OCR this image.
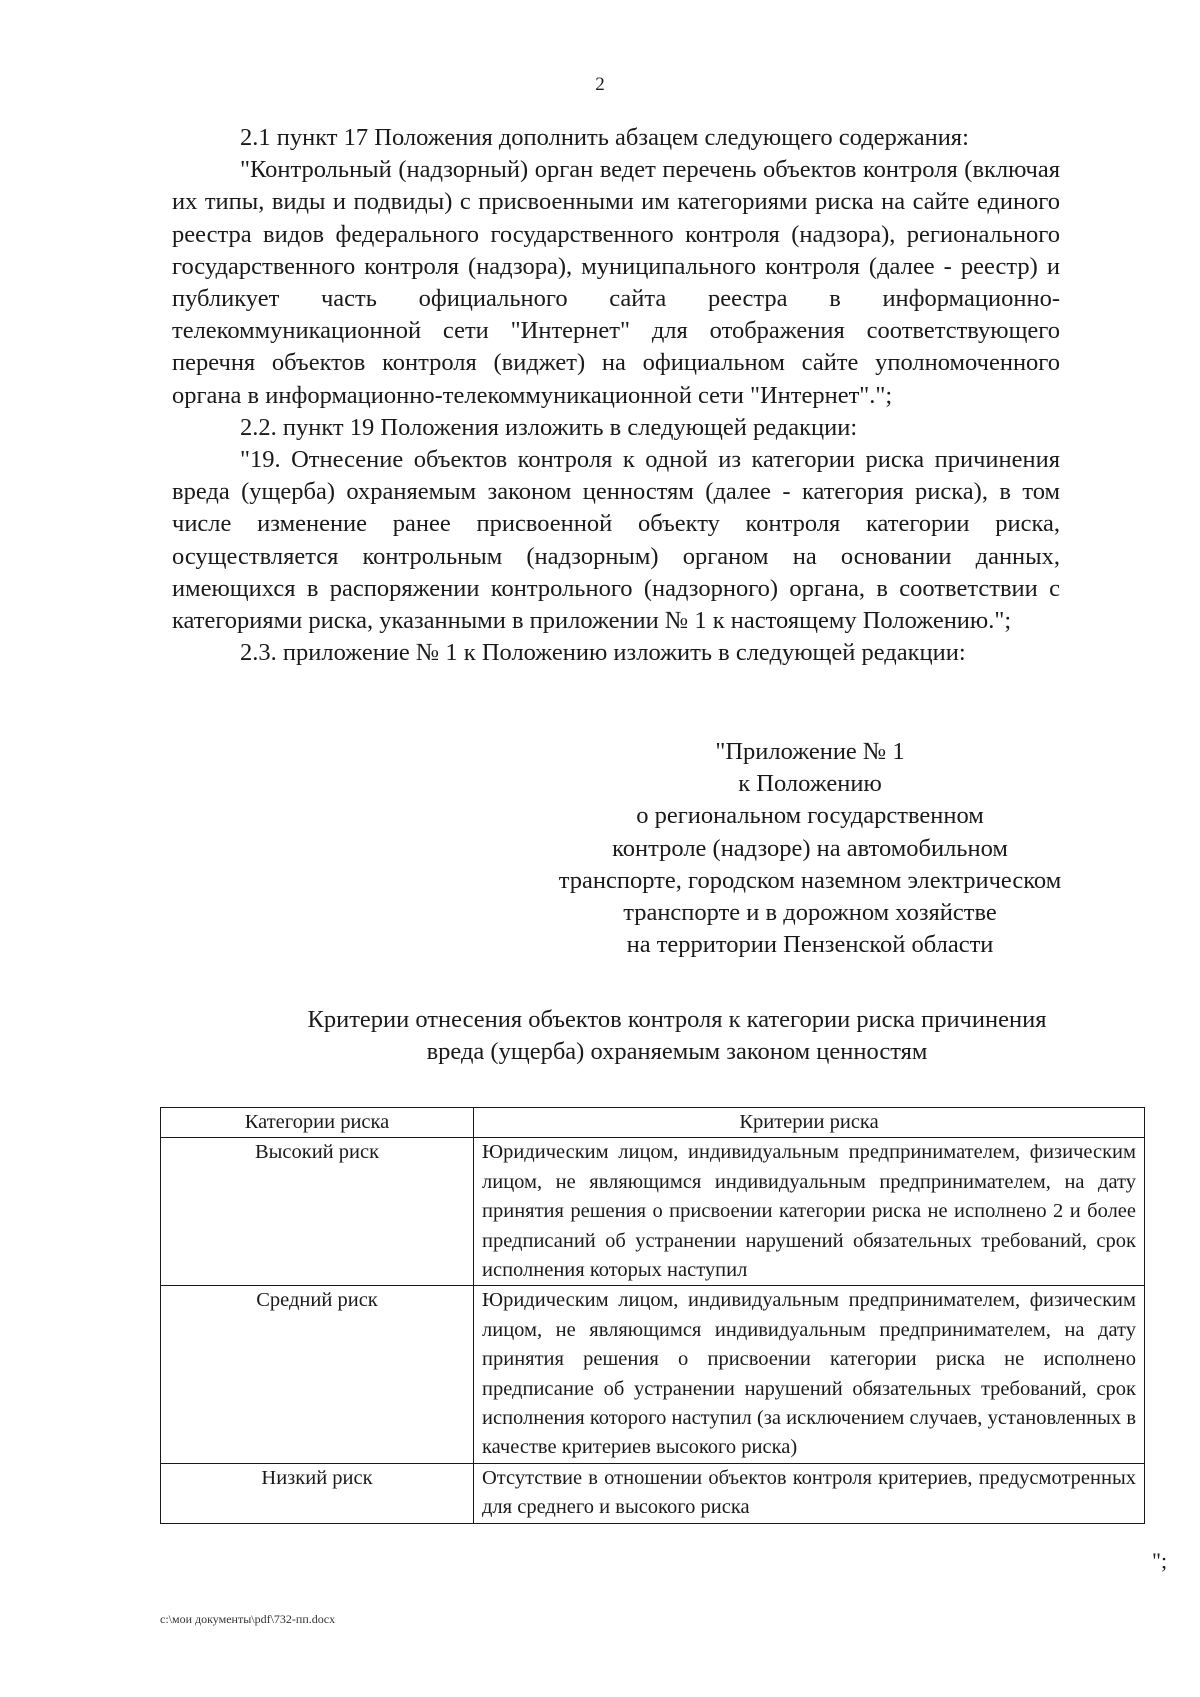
2

2.1 пункт 17 Положения дополнить абзацем следующего содержания:

"Контрольный (надзорный) орган ведет перечень объектов контроля (включая их типы, виды и подвиды) с присвоенными им категориями риска на сайте единого реестра видов федерального государственного контроля (надзора), регионального государственного контроля (надзора), муниципального контроля (далее - реестр) и публикует часть официального сайта реестра в информационно-телекоммуникационной сети "Интернет" для отображения соответствующего перечня объектов контроля (виджет) на официальном сайте уполномоченного органа в информационно-телекоммуникационной сети "Интернет".";

2.2. пункт 19 Положения изложить в следующей редакции:

"19. Отнесение объектов контроля к одной из категории риска причинения вреда (ущерба) охраняемым законом ценностям (далее - категория риска), в том числе изменение ранее присвоенной объекту контроля категории риска, осуществляется контрольным (надзорным) органом на основании данных, имеющихся в распоряжении контрольного (надзорного) органа, в соответствии с категориями риска, указанными в приложении № 1 к настоящему Положению.";

2.3. приложение № 1 к Положению изложить в следующей редакции:

"Приложение № 1
к Положению
о региональном государственном
контроле (надзоре) на автомобильном
транспорте, городском наземном электрическом
транспорте и в дорожном хозяйстве
на территории Пензенской области
Критерии отнесения объектов контроля к категории риска причинения
вреда (ущерба) охраняемым законом ценностям
Категории риска	Критерии риска
Высокий риск	Юридическим лицом, индивидуальным предпринимателем, физическим лицом, не являющимся индивидуальным предпринимателем, на дату принятия решения о присвоении категории риска не исполнено 2 и более предписаний об устранении нарушений обязательных требований, срок исполнения которых наступил
Средний риск	Юридическим лицом, индивидуальным предпринимателем, физическим лицом, не являющимся индивидуальным предпринимателем, на дату принятия решения о присвоении категории риска не исполнено предписание об устранении нарушений обязательных требований, срок исполнения которого наступил (за исключением случаев, установленных в качестве критериев высокого риска)
Низкий риск	Отсутствие в отношении объектов контроля критериев, предусмотренных для среднего и высокого риска
";
c:\мои документы\pdf\732-пп.docx
